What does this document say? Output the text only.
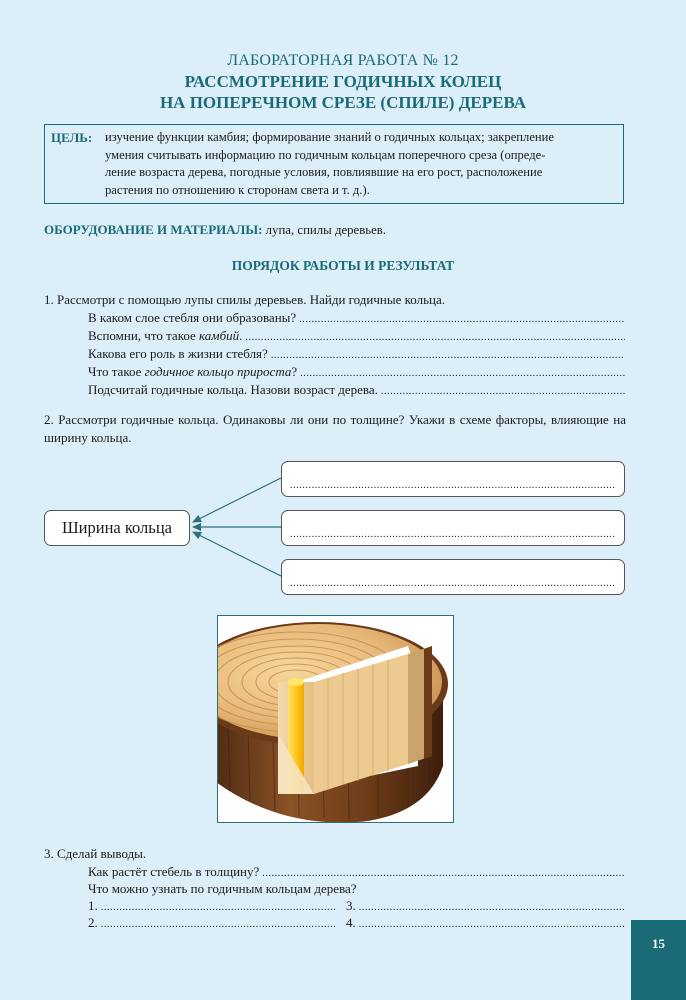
ЛАБОРАТОРНАЯ РАБОТА № 12
РАССМОТРЕНИЕ ГОДИЧНЫХ КОЛЕЦ
НА ПОПЕРЕЧНОМ СРЕЗЕ (СПИЛЕ) ДЕРЕВА
ЦЕЛЬ: изучение функции камбия; формирование знаний о годичных кольцах; закрепление
умения считывать информацию по годичным кольцам поперечного среза (опреде-
ление возраста дерева, погодные условия, повлиявшие на его рост, расположение
растения по отношению к сторонам света и т. д.).
ОБОРУДОВАНИЕ И МАТЕРИАЛЫ: лупа, спилы деревьев.
ПОРЯДОК РАБОТЫ И РЕЗУЛЬТАТ
1. Рассмотри с помощью лупы спилы деревьев. Найди годичные кольца.
В каком слое стебля они образованы?
.....
Вспомни, что такое камбий.
.....
Какова его роль в жизни стебля?
.....
Что такое годичное кольцо прироста?
.....
Подсчитай годичные кольца. Назови возраст дерева.
.....
2. Рассмотри годичные кольца. Одинаковы ли они по толщине? Укажи в схеме факторы, влияющие на ширину кольца.
Ширина кольца
.....
.....
.....
3. Сделай выводы.
Как растёт стебель в толщину?
.....
Что можно узнать по годичным кольцам дерева?
1. .....	3.
.....
2. .....	4.
.....
15
